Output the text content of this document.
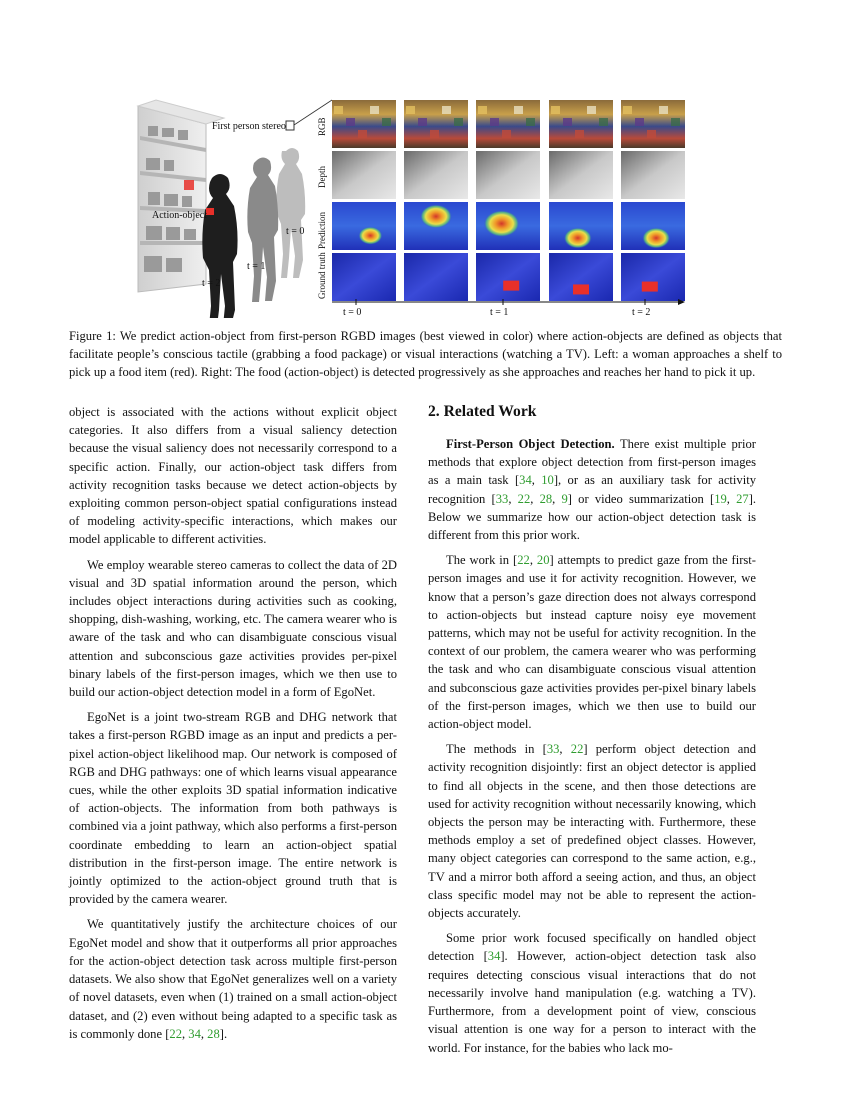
First person stereo
Action-object
t = 0
t = 1
t = 2
RGB
Depth
Prediction
Ground truth
t = 0	t = 1	t = 2

Figure 1: We predict action-object from first-person RGBD images (best viewed in color) where action-objects are defined as objects that facilitate people’s conscious tactile (grabbing a food package) or visual interactions (watching a TV). Left: a woman approaches a shelf to pick up a food item (red). Right: The food (action-object) is detected progressively as she approaches and reaches her hand to pick it up.

object is associated with the actions without explicit object categories. It also differs from a visual saliency detection because the visual saliency does not necessarily correspond to a specific action. Finally, our action-object task differs from activity recognition tasks because we detect action-objects by exploiting common person-object spatial configurations instead of modeling activity-specific interactions, which makes our model applicable to different activities.

We employ wearable stereo cameras to collect the data of 2D visual and 3D spatial information around the person, which includes object interactions during activities such as cooking, shopping, dish-washing, working, etc. The camera wearer who is aware of the task and who can disambiguate conscious visual attention and subconscious gaze activities provides per-pixel binary labels of the first-person images, which we then use to build our action-object detection model in a form of EgoNet.

EgoNet is a joint two-stream RGB and DHG network that takes a first-person RGBD image as an input and predicts a per-pixel action-object likelihood map. Our network is composed of RGB and DHG pathways: one of which learns visual appearance cues, while the other exploits 3D spatial information indicative of action-objects. The information from both pathways is combined via a joint pathway, which also performs a first-person coordinate embedding to learn an action-object spatial distribution in the first-person image. The entire network is jointly optimized to the action-object ground truth that is provided by the camera wearer.

We quantitatively justify the architecture choices of our EgoNet model and show that it outperforms all prior approaches for the action-object detection task across multiple first-person datasets. We also show that EgoNet generalizes well on a variety of novel datasets, even when (1) trained on a small action-object dataset, and (2) even without being adapted to a specific task as is commonly done [22, 34, 28].

2. Related Work

First-Person Object Detection. There exist multiple prior methods that explore object detection from first-person images as a main task [34, 10], or as an auxiliary task for activity recognition [33, 22, 28, 9] or video summarization [19, 27]. Below we summarize how our action-object detection task is different from this prior work.

The work in [22, 20] attempts to predict gaze from the first-person images and use it for activity recognition. However, we know that a person’s gaze direction does not always correspond to action-objects but instead capture noisy eye movement patterns, which may not be useful for activity recognition. In the context of our problem, the camera wearer who was performing the task and who can disambiguate conscious visual attention and subconscious gaze activities provides per-pixel binary labels of the first-person images, which we then use to build our action-object model.

The methods in [33, 22] perform object detection and activity recognition disjointly: first an object detector is applied to find all objects in the scene, and then those detections are used for activity recognition without necessarily knowing, which objects the person may be interacting with. Furthermore, these methods employ a set of predefined object classes. However, many object categories can correspond to the same action, e.g., TV and a mirror both afford a seeing action, and thus, an object class specific model may not be able to represent the action-objects accurately.

Some prior work focused specifically on handled object detection [34]. However, action-object detection task also requires detecting conscious visual interactions that do not necessarily involve hand manipulation (e.g. watching a TV). Furthermore, from a development point of view, conscious visual attention is one way for a person to interact with the world. For instance, for the babies who lack mo-
